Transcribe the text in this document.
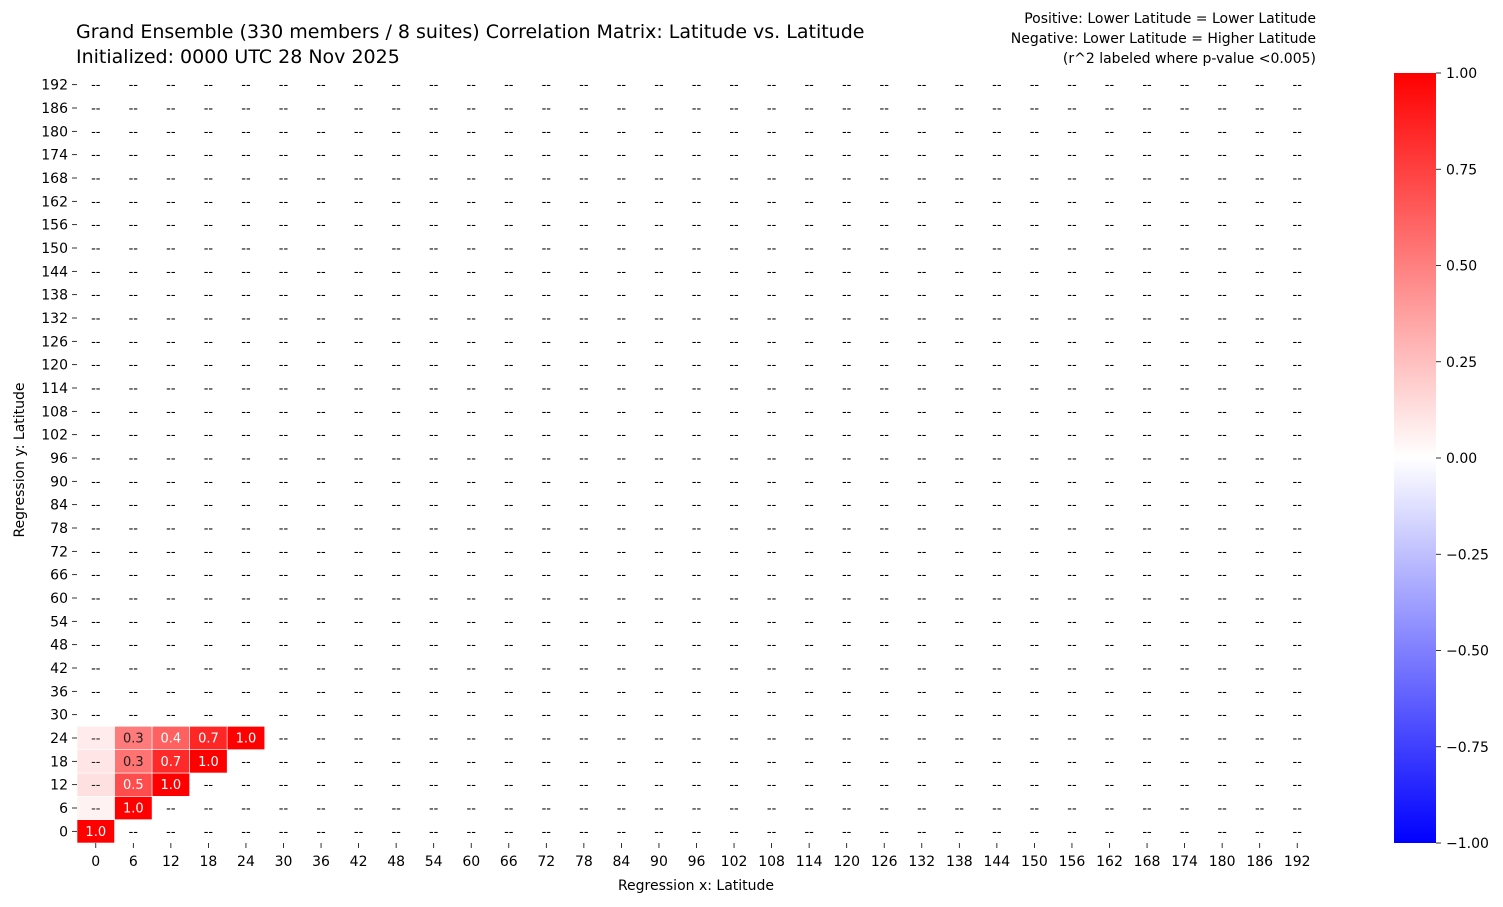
Grand Ensemble (330 members / 8 suites) Correlation Matrix: Latitude vs. Latitude
Initialized: 0000 UTC 28 Nov 2025
Positive: Lower Latitude = Lower Latitude
Negative: Lower Latitude = Higher Latitude
(r^2 labeled where p-value <0.005)
1.0 -- -- -- -- -- -- -- -- -- -- -- -- -- -- -- -- -- -- -- -- -- -- -- -- -- -- -- -- -- -- -- --
-- 1.0 -- -- -- -- -- -- -- -- -- -- -- -- -- -- -- -- -- -- -- -- -- -- -- -- -- -- -- -- -- -- --
-- 0.5 1.0 -- -- -- -- -- -- -- -- -- -- -- -- -- -- -- -- -- -- -- -- -- -- -- -- -- -- -- -- -- --
-- 0.3 0.7 1.0 -- -- -- -- -- -- -- -- -- -- -- -- -- -- -- -- -- -- -- -- -- -- -- -- -- -- -- -- --
-- 0.3 0.4 0.7 1.0 -- -- -- -- -- -- -- -- -- -- -- -- -- -- -- -- -- -- -- -- -- -- -- -- -- -- -- --
-- -- -- -- -- -- -- -- -- -- -- -- -- -- -- -- -- -- -- -- -- -- -- -- -- -- -- -- -- -- -- -- --
-- -- -- -- -- -- -- -- -- -- -- -- -- -- -- -- -- -- -- -- -- -- -- -- -- -- -- -- -- -- -- -- --
-- -- -- -- -- -- -- -- -- -- -- -- -- -- -- -- -- -- -- -- -- -- -- -- -- -- -- -- -- -- -- -- --
-- -- -- -- -- -- -- -- -- -- -- -- -- -- -- -- -- -- -- -- -- -- -- -- -- -- -- -- -- -- -- -- --
-- -- -- -- -- -- -- -- -- -- -- -- -- -- -- -- -- -- -- -- -- -- -- -- -- -- -- -- -- -- -- -- --
-- -- -- -- -- -- -- -- -- -- -- -- -- -- -- -- -- -- -- -- -- -- -- -- -- -- -- -- -- -- -- -- --
-- -- -- -- -- -- -- -- -- -- -- -- -- -- -- -- -- -- -- -- -- -- -- -- -- -- -- -- -- -- -- -- --
-- -- -- -- -- -- -- -- -- -- -- -- -- -- -- -- -- -- -- -- -- -- -- -- -- -- -- -- -- -- -- -- --
-- -- -- -- -- -- -- -- -- -- -- -- -- -- -- -- -- -- -- -- -- -- -- -- -- -- -- -- -- -- -- -- --
-- -- -- -- -- -- -- -- -- -- -- -- -- -- -- -- -- -- -- -- -- -- -- -- -- -- -- -- -- -- -- -- --
-- -- -- -- -- -- -- -- -- -- -- -- -- -- -- -- -- -- -- -- -- -- -- -- -- -- -- -- -- -- -- -- --
-- -- -- -- -- -- -- -- -- -- -- -- -- -- -- -- -- -- -- -- -- -- -- -- -- -- -- -- -- -- -- -- --
-- -- -- -- -- -- -- -- -- -- -- -- -- -- -- -- -- -- -- -- -- -- -- -- -- -- -- -- -- -- -- -- --
-- -- -- -- -- -- -- -- -- -- -- -- -- -- -- -- -- -- -- -- -- -- -- -- -- -- -- -- -- -- -- -- --
-- -- -- -- -- -- -- -- -- -- -- -- -- -- -- -- -- -- -- -- -- -- -- -- -- -- -- -- -- -- -- -- --
-- -- -- -- -- -- -- -- -- -- -- -- -- -- -- -- -- -- -- -- -- -- -- -- -- -- -- -- -- -- -- -- --
-- -- -- -- -- -- -- -- -- -- -- -- -- -- -- -- -- -- -- -- -- -- -- -- -- -- -- -- -- -- -- -- --
-- -- -- -- -- -- -- -- -- -- -- -- -- -- -- -- -- -- -- -- -- -- -- -- -- -- -- -- -- -- -- -- --
-- -- -- -- -- -- -- -- -- -- -- -- -- -- -- -- -- -- -- -- -- -- -- -- -- -- -- -- -- -- -- -- --
-- -- -- -- -- -- -- -- -- -- -- -- -- -- -- -- -- -- -- -- -- -- -- -- -- -- -- -- -- -- -- -- --
-- -- -- -- -- -- -- -- -- -- -- -- -- -- -- -- -- -- -- -- -- -- -- -- -- -- -- -- -- -- -- -- --
-- -- -- -- -- -- -- -- -- -- -- -- -- -- -- -- -- -- -- -- -- -- -- -- -- -- -- -- -- -- -- -- --
-- -- -- -- -- -- -- -- -- -- -- -- -- -- -- -- -- -- -- -- -- -- -- -- -- -- -- -- -- -- -- -- --
-- -- -- -- -- -- -- -- -- -- -- -- -- -- -- -- -- -- -- -- -- -- -- -- -- -- -- -- -- -- -- -- --
-- -- -- -- -- -- -- -- -- -- -- -- -- -- -- -- -- -- -- -- -- -- -- -- -- -- -- -- -- -- -- -- --
-- -- -- -- -- -- -- -- -- -- -- -- -- -- -- -- -- -- -- -- -- -- -- -- -- -- -- -- -- -- -- -- --
-- -- -- -- -- -- -- -- -- -- -- -- -- -- -- -- -- -- -- -- -- -- -- -- -- -- -- -- -- -- -- -- --
-- -- -- -- -- -- -- -- -- -- -- -- -- -- -- -- -- -- -- -- -- -- -- -- -- -- -- -- -- -- -- -- --
0 6 12 18 24 30 36 42 48 54 60 66 72 78 84 90 96 102 108 114 120 126 132 138 144 150 156 162 168 174 180 186 192
0
6
12
18
24
30
36
42
48
54
60
66
72
78
84
90
96
102
108
114
120
126
132
138
144
150
156
162
168
174
180
186
192
Regression x: Latitude
Regression y: Latitude
1.00
0.75
0.50
0.25
0.00
−0.25
−0.50
−0.75
−1.00
